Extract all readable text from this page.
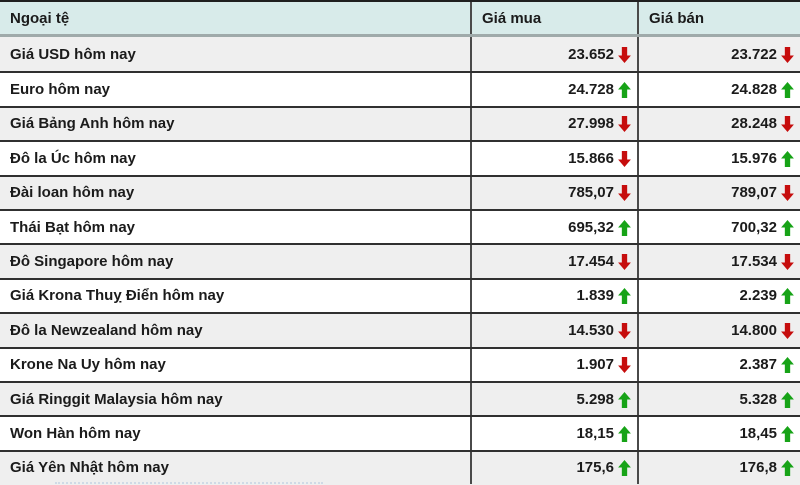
Ngoại tệ	Giá mua	Giá bán
Giá USD hôm nay	23.652	23.722
Euro hôm nay	24.728	24.828
Giá Bảng Anh hôm nay	27.998	28.248
Đô la Úc hôm nay	15.866	15.976
Đài loan hôm nay	785,07	789,07
Thái Bạt hôm nay	695,32	700,32
Đô Singapore hôm nay	17.454	17.534
Giá Krona Thuỵ Điển hôm nay	1.839	2.239
Đô la Newzealand hôm nay	14.530	14.800
Krone Na Uy hôm nay	1.907	2.387
Giá Ringgit Malaysia hôm nay	5.298	5.328
Won Hàn hôm nay	18,15	18,45
Giá Yên Nhật hôm nay	175,6	176,8
